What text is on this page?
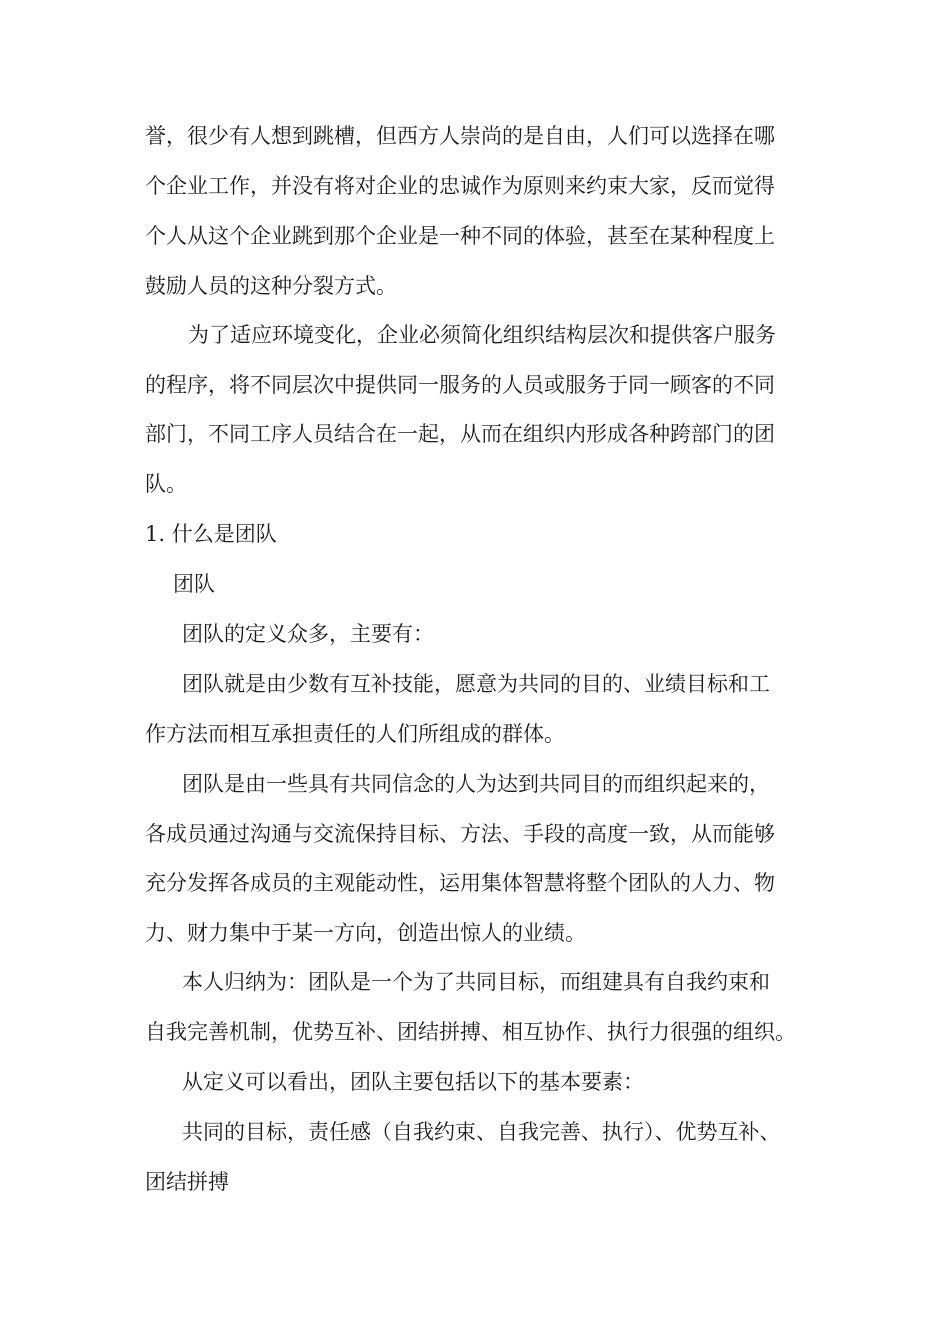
誉，很少有人想到跳槽，但西方人崇尚的是自由，人们可以选择在哪
个企业工作，并没有将对企业的忠诚作为原则来约束大家，反而觉得
个人从这个企业跳到那个企业是一种不同的体验，甚至在某种程度上
鼓励人员的这种分裂方式。
为了适应环境变化，企业必须简化组织结构层次和提供客户服务
的程序，将不同层次中提供同一服务的人员或服务于同一顾客的不同
部门，不同工序人员结合在一起，从而在组织内形成各种跨部门的团
队。
1. 什么是团队
团队
团队的定义众多，主要有：
团队就是由少数有互补技能，愿意为共同的目的、业绩目标和工
作方法而相互承担责任的人们所组成的群体。
团队是由一些具有共同信念的人为达到共同目的而组织起来的，
各成员通过沟通与交流保持目标、方法、手段的高度一致，从而能够
充分发挥各成员的主观能动性，运用集体智慧将整个团队的人力、物
力、财力集中于某一方向，创造出惊人的业绩。
本人归纳为：团队是一个为了共同目标，而组建具有自我约束和
自我完善机制，优势互补、团结拼搏、相互协作、执行力很强的组织。
从定义可以看出，团队主要包括以下的基本要素：
共同的目标，责任感（自我约束、自我完善、执行）、优势互补、
团结拼搏
